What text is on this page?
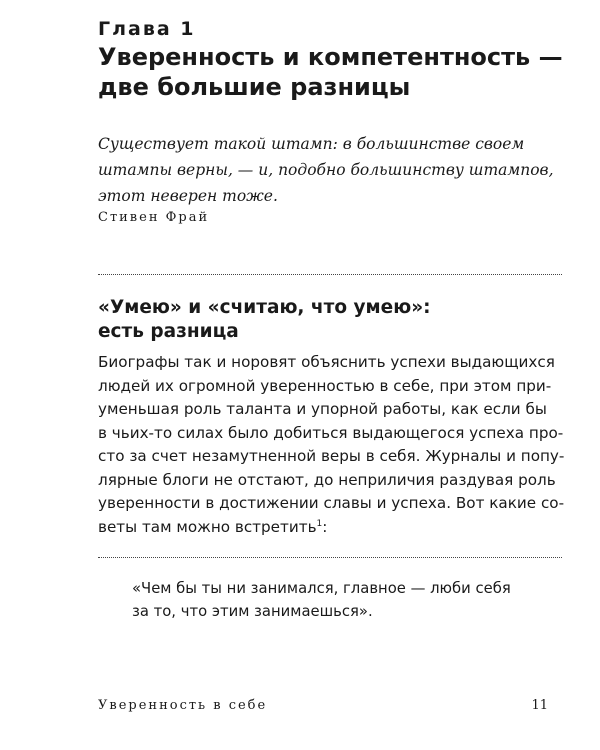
Глава 1
Уверенность и компетентность —
две большие разницы

Существует такой штамп: в большинстве своем
штампы верны, — и, подобно большинству штампов,
этот неверен тоже.

Стивен Фрай
«Умею» и «считаю, что умею»:
есть разница

Биографы так и норовят объяснить успехи выдающихся
людей их огромной уверенностью в себе, при этом при-
уменьшая роль таланта и упорной работы, как если бы
в чьих-то силах было добиться выдающегося успеха про-
сто за счет незамутненной веры в себя. Журналы и попу-
лярные блоги не отстают, до неприличия раздувая роль
уверенности в достижении славы и успеха. Вот какие со-
веты там можно встретить$^1$:

«Чем бы ты ни занимался, главное — люби себя
за то, что этим занимаешься».
Уверенность в себе	11
